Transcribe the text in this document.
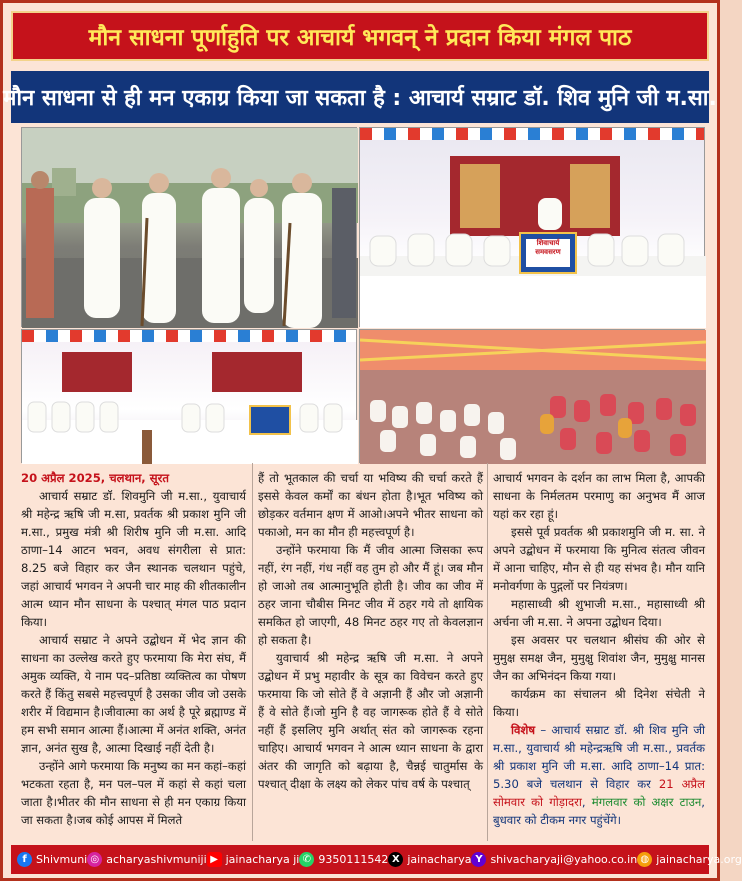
मौन साधना पूर्णाहुति पर आचार्य भगवन् ने प्रदान किया मंगल पाठ
मौन साधना से ही मन एकाग्र किया जा सकता है : आचार्य सम्राट डॉ. शिव मुनि जी म.सा.
शिवाचार्य
समवसरण

20 अप्रैल 2025, चलथान, सूरत

आचार्य सम्राट डॉ. शिवमुनि जी म.सा., युवाचार्य श्री महेन्द्र ऋषि जी म.सा, प्रवर्तक श्री प्रकाश मुनि जी म.सा., प्रमुख मंत्री श्री शिरीष मुनि जी म.सा. आदि ठाणा–14 आटन भवन, अवध संगरीला से प्रात: 8.25 बजे विहार कर जैन स्थानक चलथान पहुंचे, जहां आचार्य भगवन ने अपनी चार माह की शीतकालीन आत्म ध्यान मौन साधना के पश्चात् मंगल पाठ प्रदान किया।

आचार्य सम्राट ने अपने उद्बोधन में भेद ज्ञान की साधना का उल्लेख करते हुए फरमाया कि मेरा संघ, मैं अमुक व्यक्ति, ये नाम पद–प्रतिष्ठा व्यक्तित्व का पोषण करते हैं किंतु सबसे महत्त्वपूर्ण है उसका जीव जो उसके शरीर में विद्यमान है।जीवात्मा का अर्थ है पूरे ब्रह्माण्ड में हम सभी समान आत्मा हैं।आत्मा में अनंत शक्ति, अनंत ज्ञान, अनंत सुख है, आत्मा दिखाई नहीं देती है।

उन्होंने आगे फरमाया कि मनुष्य का मन कहां–कहां भटकता रहता है, मन पल–पल में कहां से कहां चला जाता है।भीतर की मौन साधना से ही मन एकाग्र किया जा सकता है।जब कोई आपस में मिलते

हैं तो भूतकाल की चर्चा या भविष्य की चर्चा करते हैं इससे केवल कर्मों का बंधन होता है।भूत भविष्य को छोड़कर वर्तमान क्षण में आओ।अपने भीतर साधना को पकाओ, मन का मौन ही महत्त्वपूर्ण है।

उन्होंने फरमाया कि मैं जीव आत्मा जिसका रूप नहीं, रंग नहीं, गंध नहीं वह तुम हो और मैं हूं। जब मौन हो जाओ तब आत्मानुभूति होती है। जीव का जीव में ठहर जाना चौबीस मिनट जीव में ठहर गये तो क्षायिक समकित हो जाएगी, 48 मिनट ठहर गए तो केवलज्ञान हो सकता है।

युवाचार्य श्री महेन्द्र ऋषि जी म.सा. ने अपने उद्बोधन में प्रभु महावीर के सूत्र का विवेचन करते हुए फरमाया कि जो सोते हैं वे अज्ञानी हैं और जो अज्ञानी हैं वे सोते हैं।जो मुनि है वह जागरूक होते हैं वे सोते नहीं हैं इसलिए मुनि अर्थात् संत को जागरूक रहना चाहिए। आचार्य भगवन ने आत्म ध्यान साधना के द्वारा अंतर की जागृति को बढ़ाया है, चैन्नई चातुर्मास के पश्चात् दीक्षा के लक्ष्य को लेकर पांच वर्ष के पश्चात्

आचार्य भगवन के दर्शन का लाभ मिला है, आपकी साधना के निर्मलतम परमाणु का अनुभव मैं आज यहां कर रहा हूं।

इससे पूर्व प्रवर्तक श्री प्रकाशमुनि जी म. सा. ने अपने उद्बोधन में फरमाया कि मुनित्व संतत्व जीवन में आना चाहिए, मौन से ही यह संभव है। मौन यानि मनोवर्गणा के पुद्गलों पर नियंत्रण।

महासाध्वी श्री शुभाजी म.सा., महासाध्वी श्री अर्चना जी म.सा. ने अपना उद्बोधन दिया।

इस अवसर पर चलथान श्रीसंघ की ओर से मुमुक्ष समक्ष जैन, मुमुक्षु शिवांश जैन, मुमुक्षु मानस जैन का अभिनंदन किया गया।

कार्यक्रम का संचालन श्री दिनेश संचेती ने किया।

विशेष – आचार्य सम्राट डॉ. श्री शिव मुनि जी म.सा., युवाचार्य श्री महेन्द्रऋषि जी म.सा., प्रवर्तक श्री प्रकाश मुनि जी म.सा. आदि ठाणा–14 प्रात: 5.30 बजे चलथान से विहार कर 21 अप्रैल सोमवार को गोड़ादरा, मंगलवार को अक्षर टाउन, बुधवार को टीकम नगर पहुंचेंगे।

f Shivmuni ◎ acharyashivmuniji ▶ jainacharya ji ✆ 9350111542 X jainacharya Y shivacharyaji@yahoo.co.in ◍ jainacharya.org
